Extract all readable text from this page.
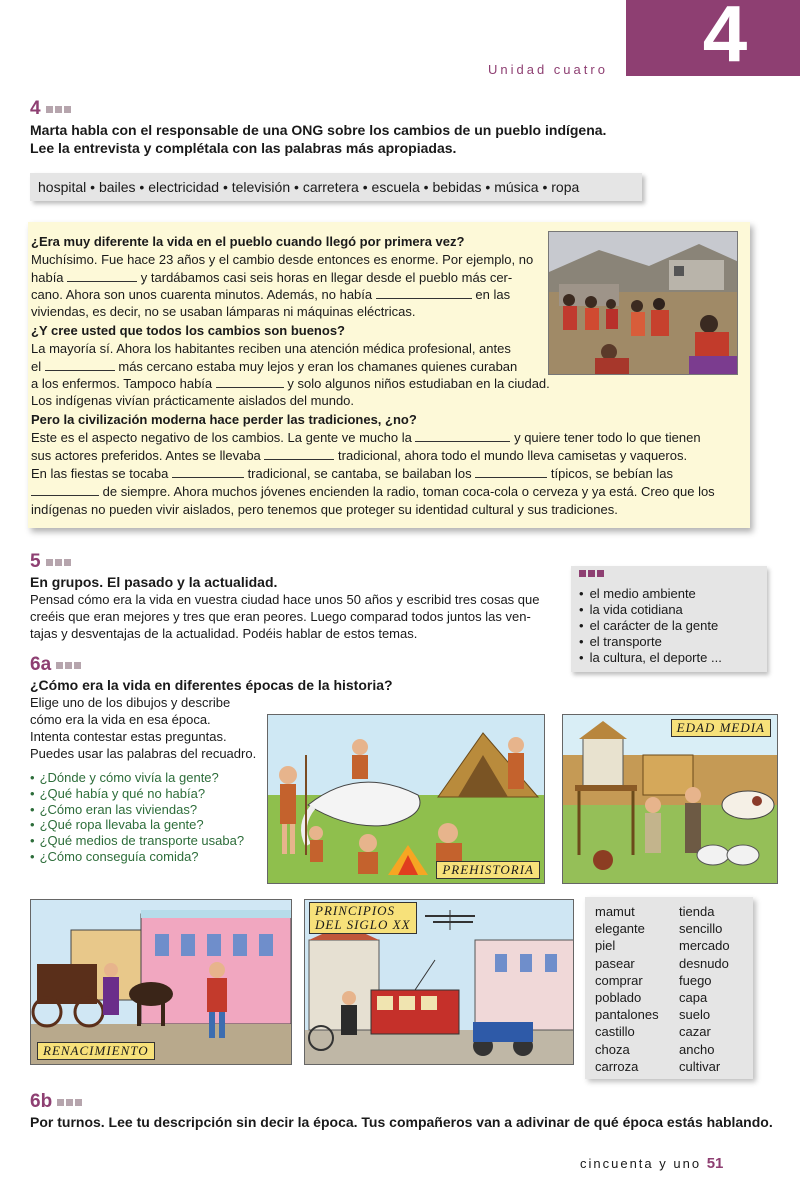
4
Unidad cuatro
4
Marta habla con el responsable de una ONG sobre los cambios de un pueblo indígena.
Lee la entrevista y complétala con las palabras más apropiadas.
hospital • bailes • electricidad • televisión • carretera • escuela • bebidas • música • ropa
¿Era muy diferente la vida en el pueblo cuando llegó por primera vez?
Muchísimo. Fue hace 23 años y el cambio desde entonces es enorme. Por ejemplo, no
había	y tardábamos casi seis horas en llegar desde el pueblo más cer-
cano. Ahora son unos cuarenta minutos. Además, no había	en las
viviendas, es decir, no se usaban lámparas ni máquinas eléctricas.
¿Y cree usted que todos los cambios son buenos?
La mayoría sí. Ahora los habitantes reciben una atención médica profesional, antes
el	más cercano estaba muy lejos y eran los chamanes quienes curaban
a los enfermos. Tampoco había	y solo algunos niños estudiaban en la ciudad.
Los indígenas vivían prácticamente aislados del mundo.
Pero la civilización moderna hace perder las tradiciones, ¿no?
Este es el aspecto negativo de los cambios. La gente ve mucho la	y quiere tener todo lo que tienen
sus actores preferidos. Antes se llevaba	tradicional, ahora todo el mundo lleva camisetas y vaqueros.
En las fiestas se tocaba	tradicional, se cantaba, se bailaban los	típicos, se bebían las
de siempre. Ahora muchos jóvenes encienden la radio, toman coca-cola o cerveza y ya está. Creo que los
indígenas no pueden vivir aislados, pero tenemos que proteger su identidad cultural y sus tradiciones.
5
En grupos. El pasado y la actualidad.
Pensad cómo era la vida en vuestra ciudad hace unos 50 años y escribid tres cosas que
creéis que eran mejores y tres que eran peores. Luego comparad todos juntos las ven-
tajas y desventajas de la actualidad. Podéis hablar de estos temas.
• el medio ambiente
• la vida cotidiana
• el carácter de la gente
• el transporte
• la cultura, el deporte ...
6a
¿Cómo era la vida en diferentes épocas de la historia?
Elige uno de los dibujos y describe
cómo era la vida en esa época.
Intenta contestar estas preguntas.
Puedes usar las palabras del recuadro.
• ¿Dónde y cómo vivía la gente?
• ¿Qué había y qué no había?
• ¿Cómo eran las viviendas?
• ¿Qué ropa llevaba la gente?
• ¿Qué medios de transporte usaba?
• ¿Cómo conseguía comida?
PREHISTORIA
EDAD MEDIA
RENACIMIENTO
PRINCIPIOS
DEL SIGLO XX
mamut
elegante
piel
pasear
comprar
poblado
pantalones
castillo
choza
carroza
tienda
sencillo
mercado
desnudo
fuego
capa
suelo
cazar
ancho
cultivar
6b
Por turnos. Lee tu descripción sin decir la época. Tus compañeros van a adivinar de qué época estás hablando.
cincuenta y uno 51
